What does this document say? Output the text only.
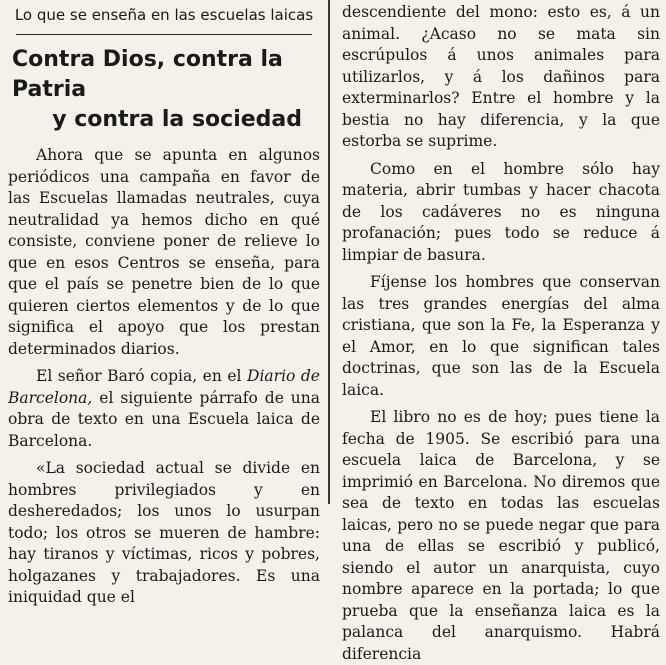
Lo que se enseña en las escuelas laicas
Contra Dios, contra la Patria
y contra la sociedad

Ahora que se apunta en algunos periódicos una campaña en favor de las Escuelas llamadas neutrales, cuya neutralidad ya hemos dicho en qué consiste, conviene poner de relieve lo que en esos Centros se enseña, para que el país se penetre bien de lo que quieren ciertos elementos y de lo que significa el apoyo que los prestan determinados diarios.

El señor Baró copia, en el Diario de Barcelona, el siguiente párrafo de una obra de texto en una Escuela laica de Barcelona.

«La sociedad actual se divide en hombres privilegiados y en desheredados; los unos lo usurpan todo; los otros se mueren de hambre: hay tiranos y víctimas, ricos y pobres, holgazanes y trabajadores. Es una iniquidad que el

descendiente del mono: esto es, á un animal. ¿Acaso no se mata sin escrúpulos á unos animales para utilizarlos, y á los dañinos para exterminarlos? Entre el hombre y la bestia no hay diferencia, y la que estorba se suprime.

Como en el hombre sólo hay materia, abrir tumbas y hacer chacota de los cadáveres no es ninguna profanación; pues todo se reduce á limpiar de basura.

Fíjense los hombres que conservan las tres grandes energías del alma cristiana, que son la Fe, la Esperanza y el Amor, en lo que significan tales doctrinas, que son las de la Escuela laica.

El libro no es de hoy; pues tiene la fecha de 1905. Se escribió para una escuela laica de Barcelona, y se imprimió en Barcelona. No diremos que sea de texto en todas las escuelas laicas, pero no se puede negar que para una de ellas se escribió y publicó, siendo el autor un anarquista, cuyo nombre aparece en la portada; lo que prueba que la enseñanza laica es la palanca del anarquismo. Habrá diferencia
